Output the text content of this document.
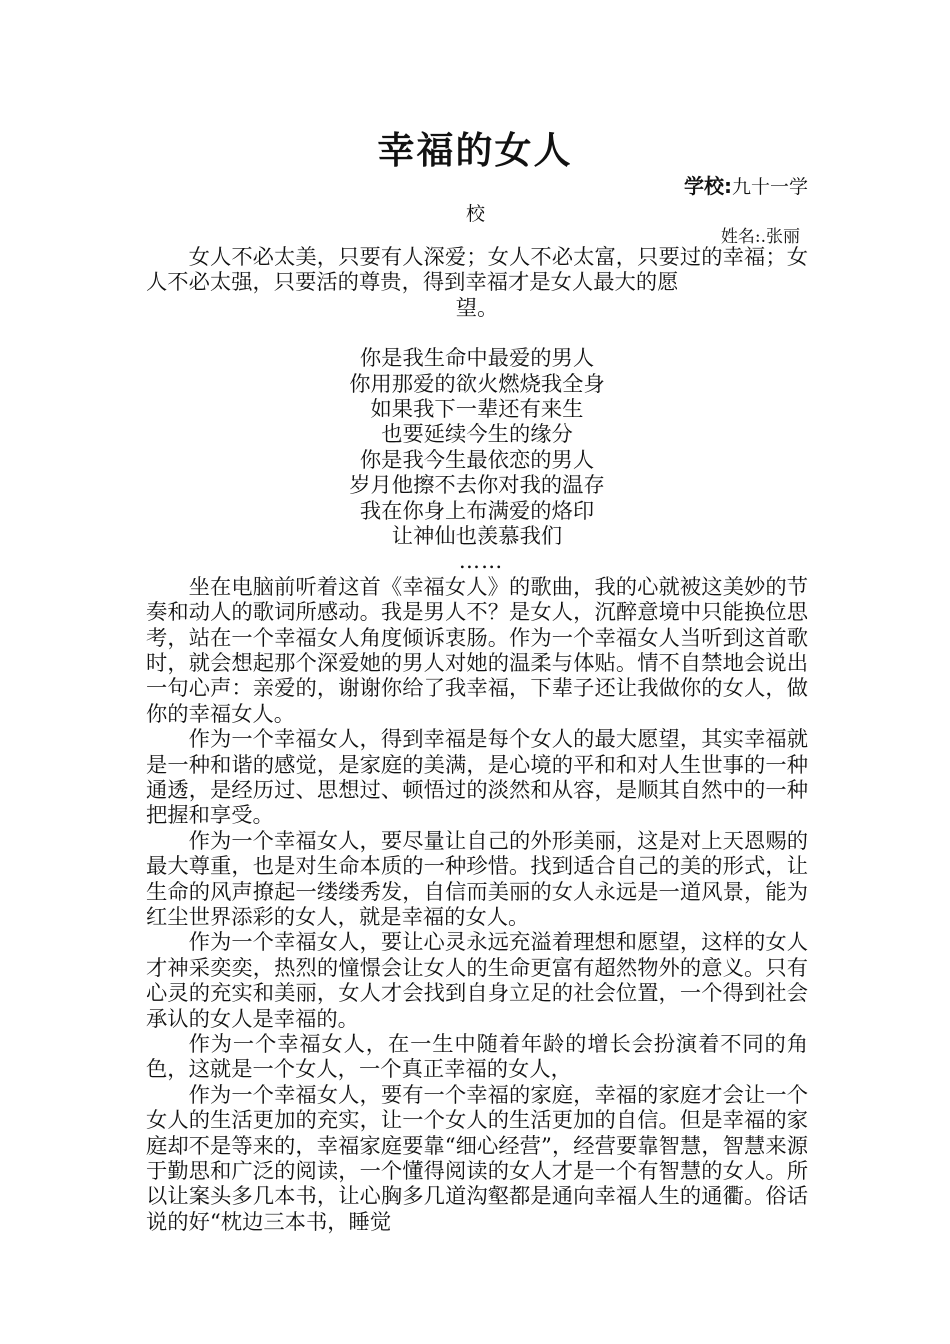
幸福的女人
学校:九十一学
校
姓名:.张丽

女人不必太美，只要有人深爱；女人不必太富，只要过的幸福；女人不必太强，只要活的尊贵，得到幸福才是女人最大的愿

望。

你是我生命中最爱的男人
你用那爱的欲火燃烧我全身
如果我下一辈还有来生
也要延续今生的缘分
你是我今生最依恋的男人
岁月他擦不去你对我的温存
我在你身上布满爱的烙印
让神仙也羡慕我们
……

坐在电脑前听着这首《幸福女人》的歌曲，我的心就被这美妙的节奏和动人的歌词所感动。我是男人不？是女人，沉醉意境中只能换位思考，站在一个幸福女人角度倾诉衷肠。作为一个幸福女人当听到这首歌时，就会想起那个深爱她的男人对她的温柔与体贴。情不自禁地会说出一句心声：亲爱的，谢谢你给了我幸福，下辈子还让我做你的女人，做你的幸福女人。

作为一个幸福女人，得到幸福是每个女人的最大愿望，其实幸福就是一种和谐的感觉，是家庭的美满，是心境的平和和对人生世事的一种通透，是经历过、思想过、顿悟过的淡然和从容，是顺其自然中的一种把握和享受。

作为一个幸福女人，要尽量让自己的外形美丽，这是对上天恩赐的最大尊重，也是对生命本质的一种珍惜。找到适合自己的美的形式，让生命的风声撩起一缕缕秀发，自信而美丽的女人永远是一道风景，能为红尘世界添彩的女人，就是幸福的女人。

作为一个幸福女人，要让心灵永远充溢着理想和愿望，这样的女人才神采奕奕，热烈的憧憬会让女人的生命更富有超然物外的意义。只有心灵的充实和美丽，女人才会找到自身立足的社会位置，一个得到社会承认的女人是幸福的。

作为一个幸福女人，在一生中随着年龄的增长会扮演着不同的角色，这就是一个女人，一个真正幸福的女人，

作为一个幸福女人，要有一个幸福的家庭，幸福的家庭才会让一个女人的生活更加的充实，让一个女人的生活更加的自信。但是幸福的家庭却不是等来的，幸福家庭要靠“细心经营”，经营要靠智慧，智慧来源于勤思和广泛的阅读，一个懂得阅读的女人才是一个有智慧的女人。所以让案头多几本书，让心胸多几道沟壑都是通向幸福人生的通衢。俗话说的好“枕边三本书，睡觉
